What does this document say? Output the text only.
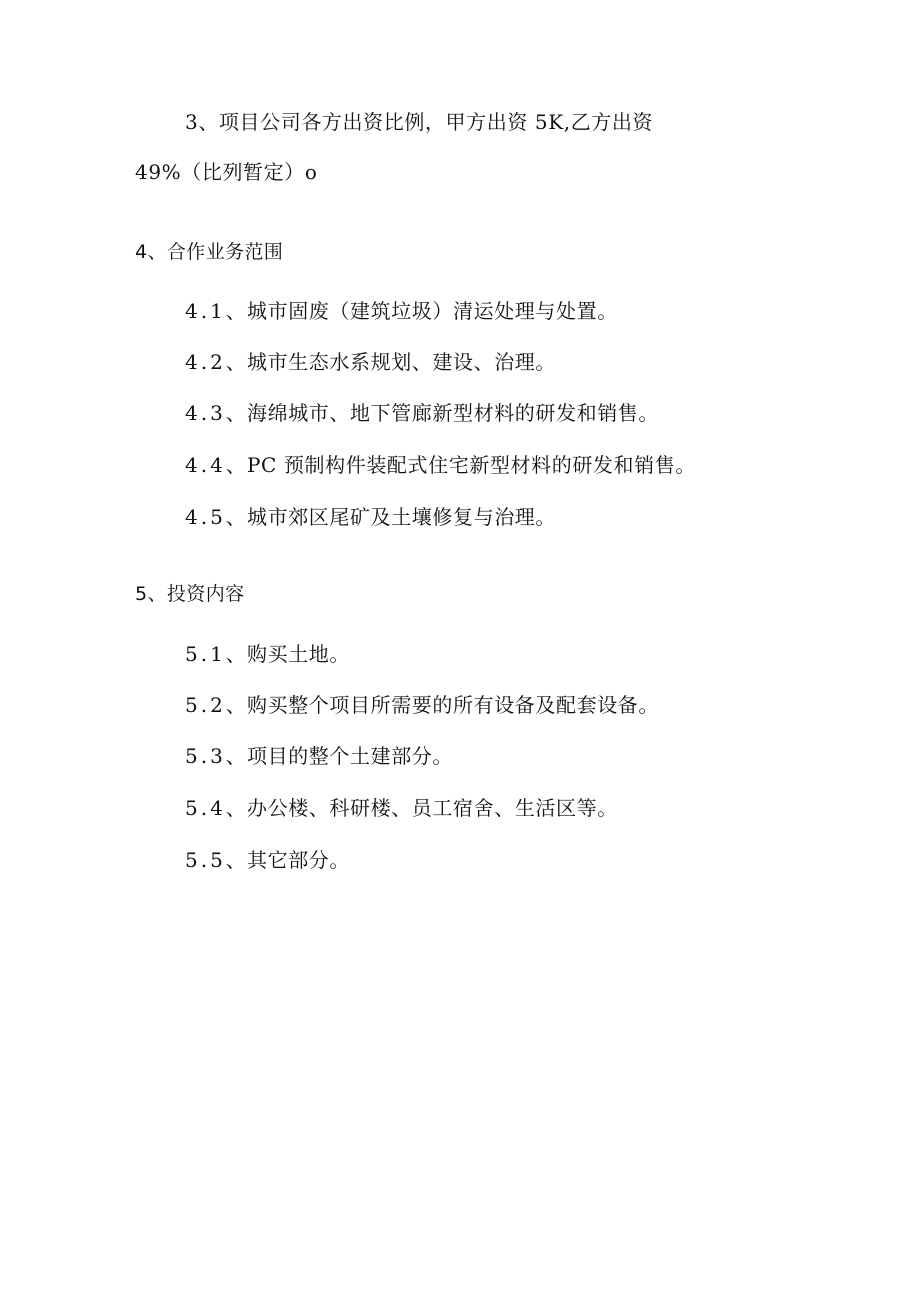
3、项目公司各方出资比例，甲方出资 5K,乙方出资
49%（比列暂定）o
4、合作业务范围
4.1、城市固废（建筑垃圾）清运处理与处置。
4.2、城市生态水系规划、建设、治理。
4.3、海绵城市、地下管廊新型材料的研发和销售。
4.4、PC 预制构件装配式住宅新型材料的研发和销售。
4.5、城市郊区尾矿及土壤修复与治理。
5、投资内容
5.1、购买土地。
5.2、购买整个项目所需要的所有设备及配套设备。
5.3、项目的整个土建部分。
5.4、办公楼、科研楼、员工宿舍、生活区等。
5.5、其它部分。
